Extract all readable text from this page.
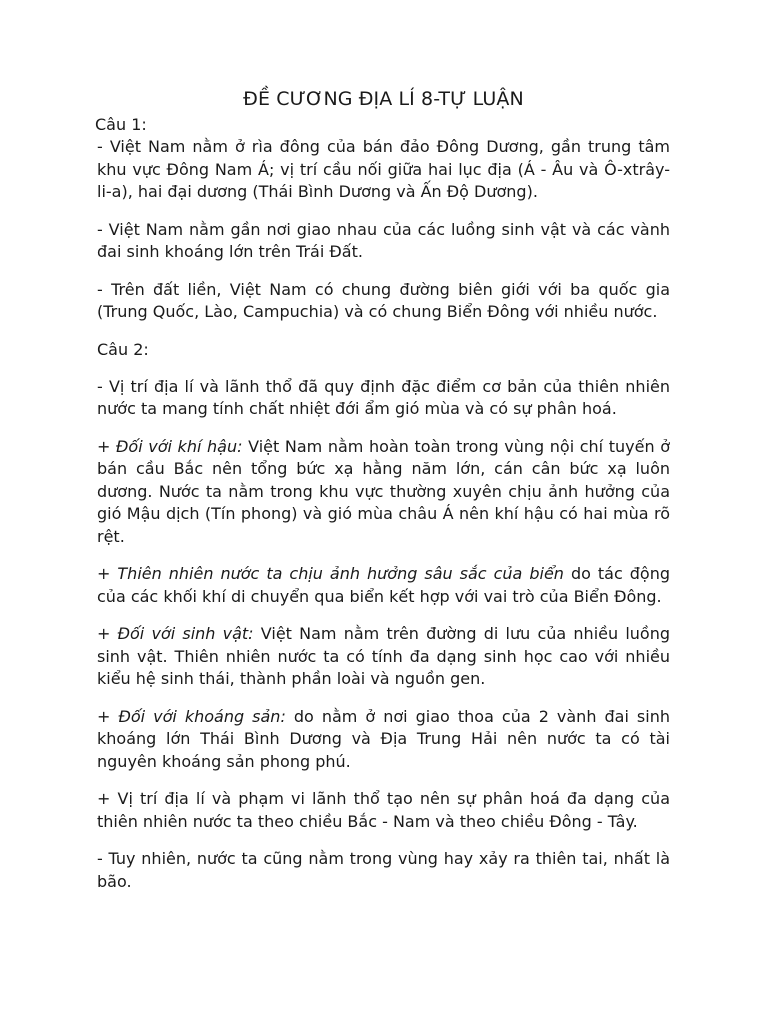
ĐỀ CƯƠNG ĐỊA LÍ 8-TỰ LUẬN
Câu 1:

- Việt Nam nằm ở rìa đông của bán đảo Đông Dương, gần trung tâm khu vực Đông Nam Á; vị trí cầu nối giữa hai lục địa (Á - Âu và Ô-xtrây-li-a), hai đại dương (Thái Bình Dương và Ấn Độ Dương).

- Việt Nam nằm gần nơi giao nhau của các luồng sinh vật và các vành đai sinh khoáng lớn trên Trái Đất.

- Trên đất liền, Việt Nam có chung đường biên giới với ba quốc gia (Trung Quốc, Lào, Campuchia) và có chung Biển Đông với nhiều nước.

Câu 2:

- Vị trí địa lí và lãnh thổ đã quy định đặc điểm cơ bản của thiên nhiên nước ta mang tính chất nhiệt đới ẩm gió mùa và có sự phân hoá.

+ Đối với khí hậu: Việt Nam nằm hoàn toàn trong vùng nội chí tuyến ở bán cầu Bắc nên tổng bức xạ hằng năm lớn, cán cân bức xạ luôn dương. Nước ta nằm trong khu vực thường xuyên chịu ảnh hưởng của gió Mậu dịch (Tín phong) và gió mùa châu Á nên khí hậu có hai mùa rõ rệt.

+ Thiên nhiên nước ta chịu ảnh hưởng sâu sắc của biển do tác động của các khối khí di chuyển qua biển kết hợp với vai trò của Biển Đông.

+ Đối với sinh vật: Việt Nam nằm trên đường di lưu của nhiều luồng sinh vật. Thiên nhiên nước ta có tính đa dạng sinh học cao với nhiều kiểu hệ sinh thái, thành phần loài và nguồn gen.

+ Đối với khoáng sản: do nằm ở nơi giao thoa của 2 vành đai sinh khoáng lớn Thái Bình Dương và Địa Trung Hải nên nước ta có tài nguyên khoáng sản phong phú.

+ Vị trí địa lí và phạm vi lãnh thổ tạo nên sự phân hoá đa dạng của thiên nhiên nước ta theo chiều Bắc - Nam và theo chiều Đông - Tây.

- Tuy nhiên, nước ta cũng nằm trong vùng hay xảy ra thiên tai, nhất là bão.
